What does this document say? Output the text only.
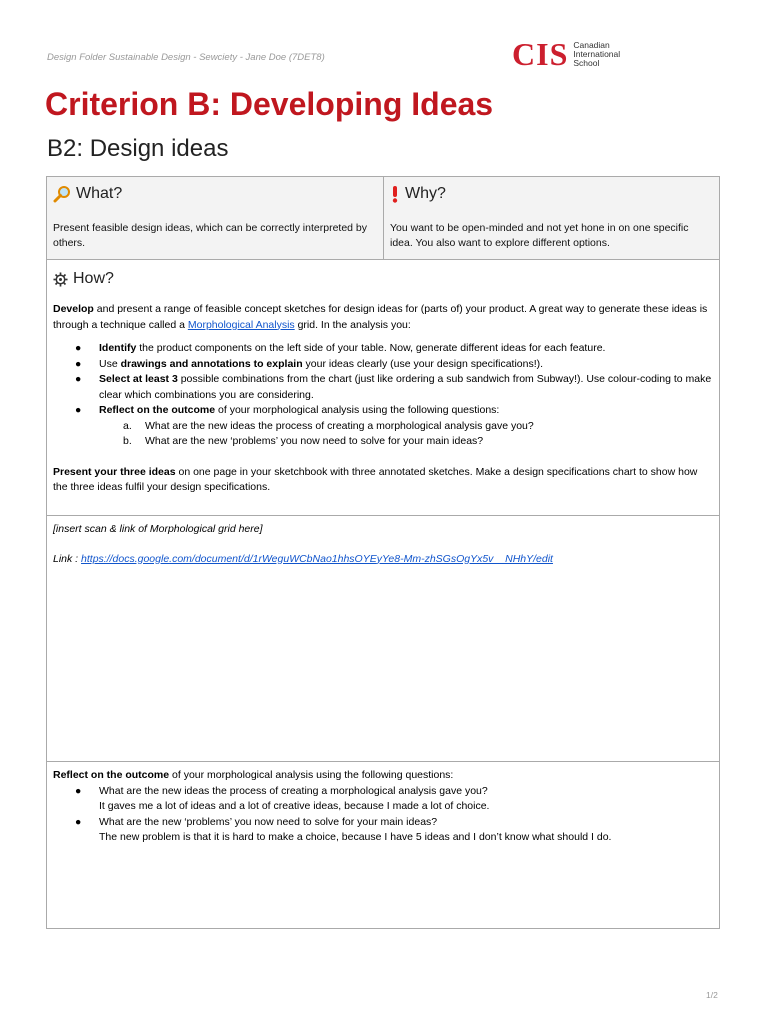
Design Folder Sustainable Design - Sewciety - Jane Doe (7DET8)	CIS Canadian
International
School
Criterion B: Developing Ideas
B2: Design ideas
What?
Present feasible design ideas, which can be correctly interpreted by others.
Why?
You want to be open-minded and not yet hone in on one specific idea. You also want to explore different options.
How?

Develop and present a range of feasible concept sketches for design ideas for (parts of) your product. A great way to generate these ideas is through a technique called a Morphological Analysis grid. In the analysis you:

● Identify the product components on the left side of your table. Now, generate different ideas for each feature.
● Use drawings and annotations to explain your ideas clearly (use your design specifications!).
● Select at least 3 possible combinations from the chart (just like ordering a sub sandwich from Subway!). Use colour-coding to make clear which combinations you are considering.
● Reflect on the outcome of your morphological analysis using the following questions:
a. What are the new ideas the process of creating a morphological analysis gave you?
b. What are the new ‘problems’ you now need to solve for your main ideas?

Present your three ideas on one page in your sketchbook with three annotated sketches. Make a design specifications chart to show how the three ideas fulfil your design specifications.

[insert scan & link of Morphological grid here]

Link : https://docs.google.com/document/d/1rWeguWCbNao1hhsOYEyYe8-Mm-zhSGsOgYx5v__NHhY/edit

Reflect on the outcome of your morphological analysis using the following questions:

● What are the new ideas the process of creating a morphological analysis gave you?
It gaves me a lot of ideas and a lot of creative ideas, because I made a lot of choice.
● What are the new ‘problems’ you now need to solve for your main ideas?
The new problem is that it is hard to make a choice, because I have 5 ideas and I don’t know what should I do.
1/2
